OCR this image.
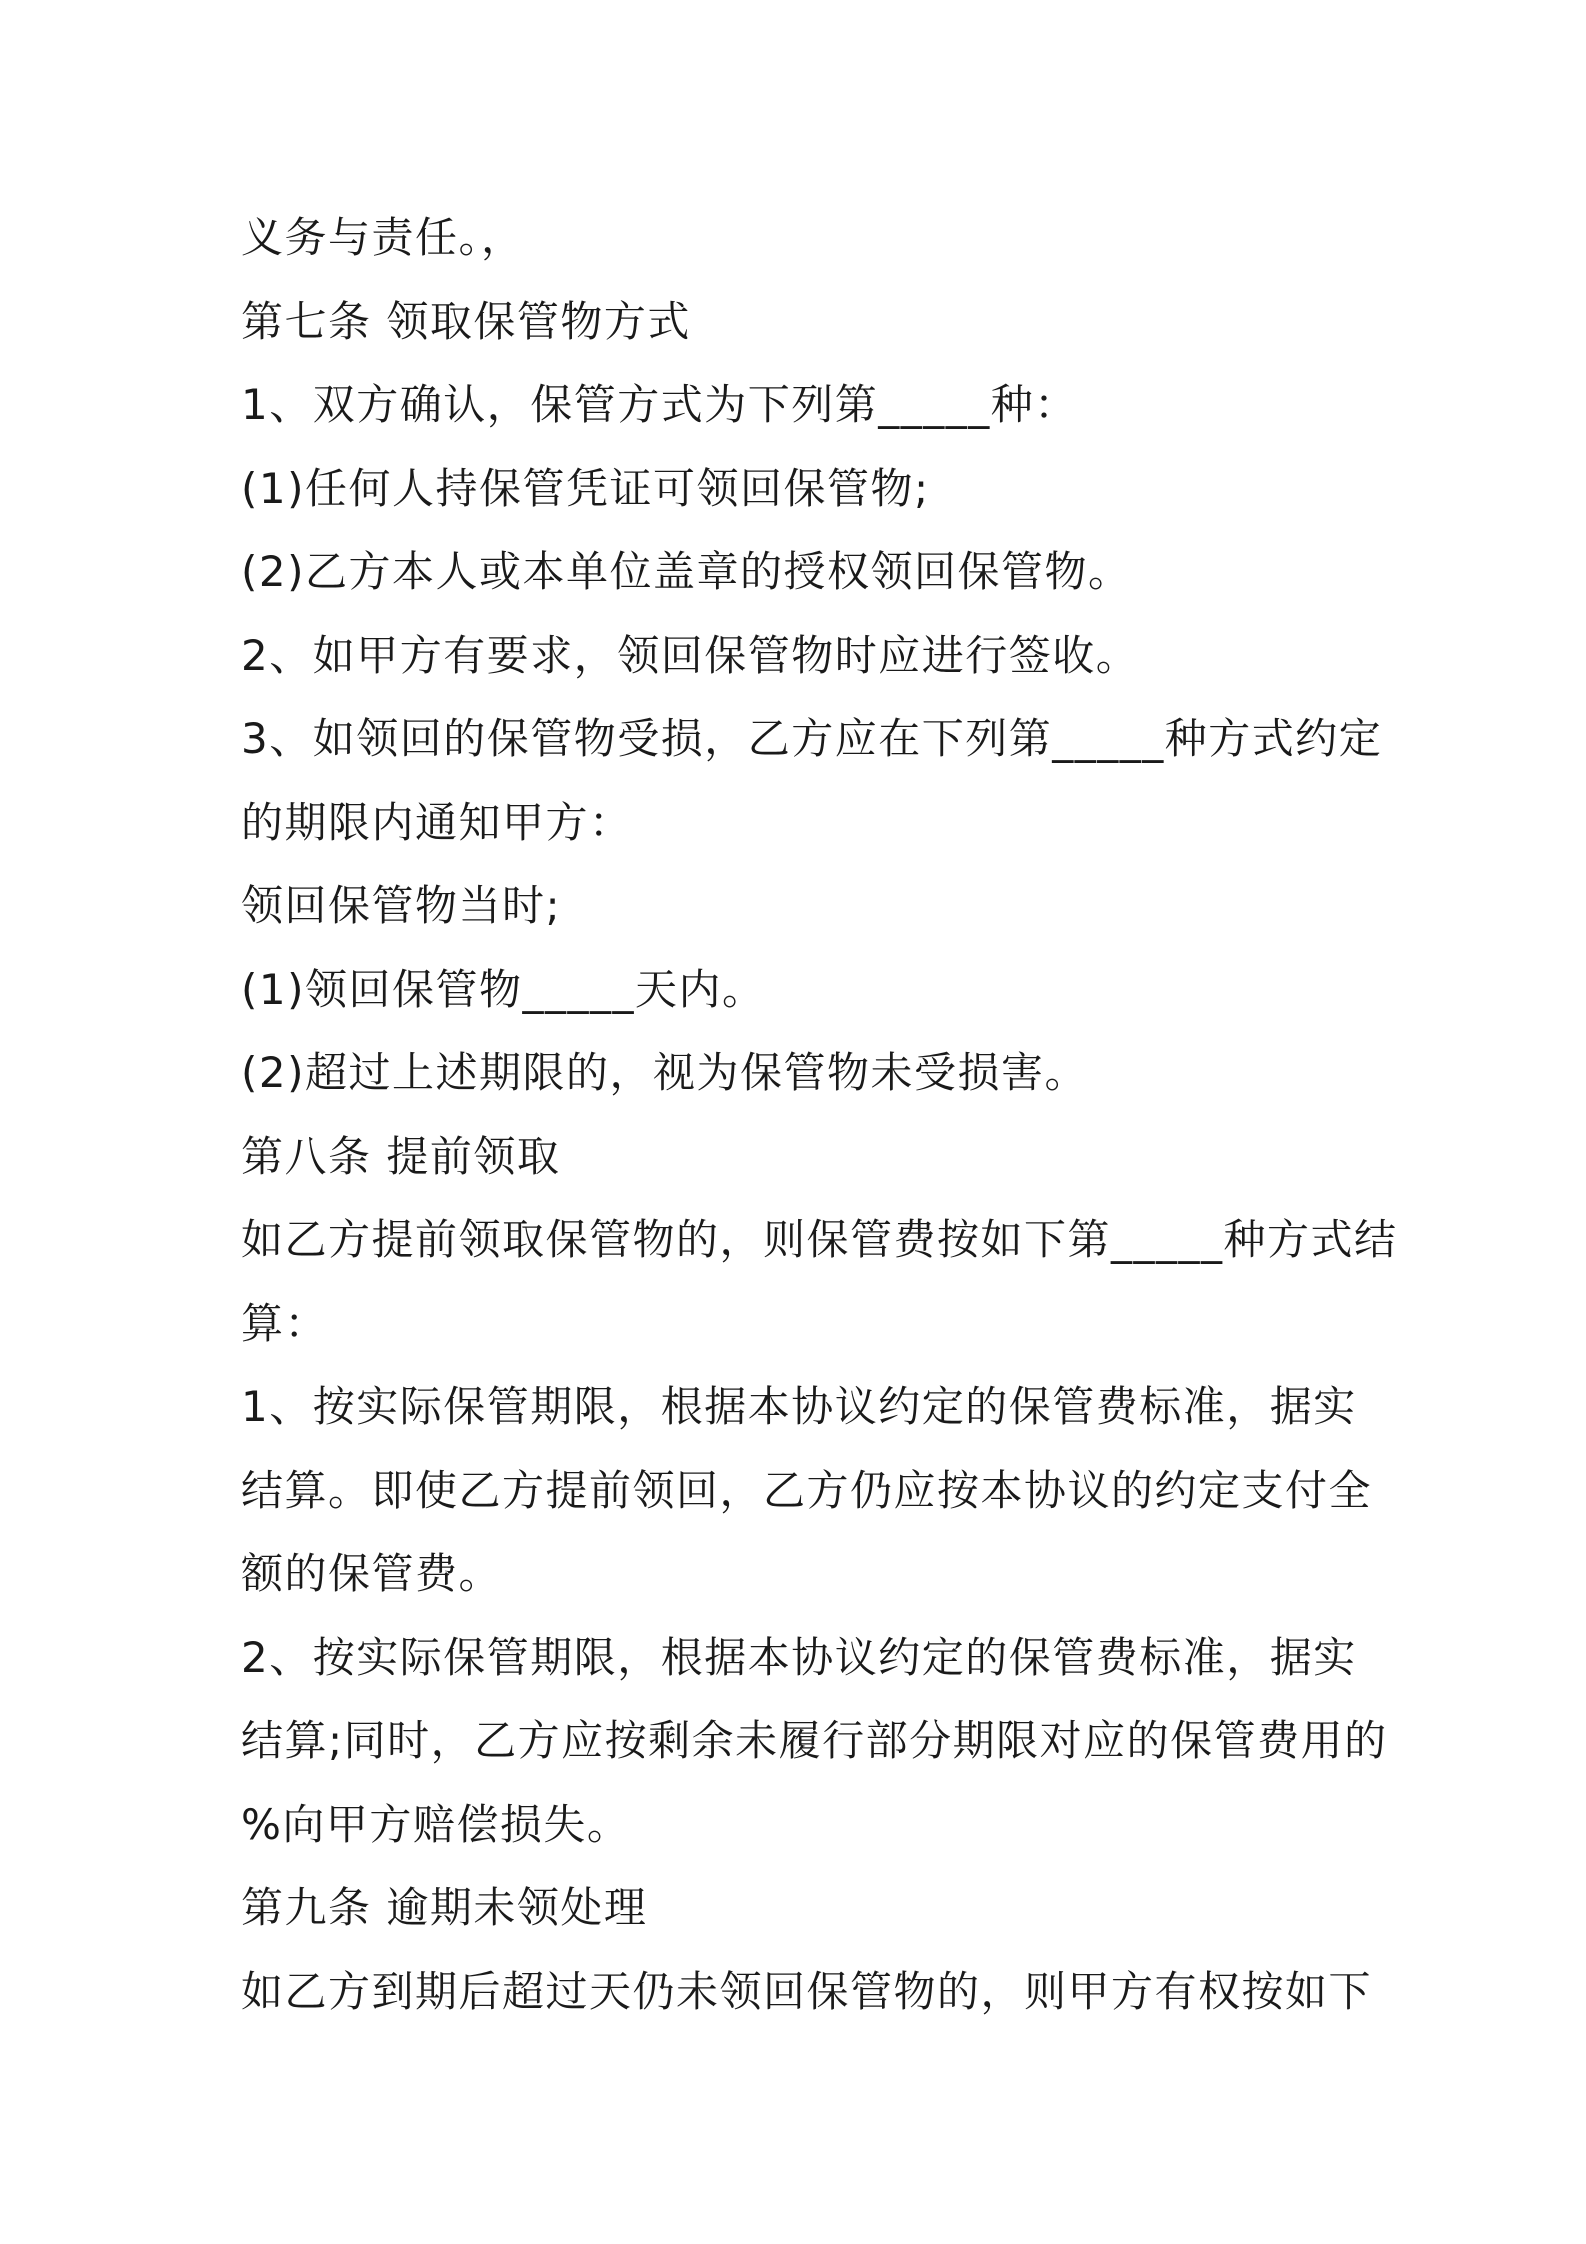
义务与责任。，
第七条 领取保管物方式
1、双方确认，保管方式为下列第_____种：
(1)任何人持保管凭证可领回保管物;
(2)乙方本人或本单位盖章的授权领回保管物。
2、如甲方有要求，领回保管物时应进行签收。
3、如领回的保管物受损，乙方应在下列第_____种方式约定
的期限内通知甲方：
领回保管物当时;
(1)领回保管物_____天内。
(2)超过上述期限的，视为保管物未受损害。
第八条 提前领取
如乙方提前领取保管物的，则保管费按如下第_____种方式结
算：
1、按实际保管期限，根据本协议约定的保管费标准，据实
结算。即使乙方提前领回，乙方仍应按本协议的约定支付全
额的保管费。
2、按实际保管期限，根据本协议约定的保管费标准，据实
结算;同时，乙方应按剩余未履行部分期限对应的保管费用的
%向甲方赔偿损失。
第九条 逾期未领处理
如乙方到期后超过天仍未领回保管物的，则甲方有权按如下
